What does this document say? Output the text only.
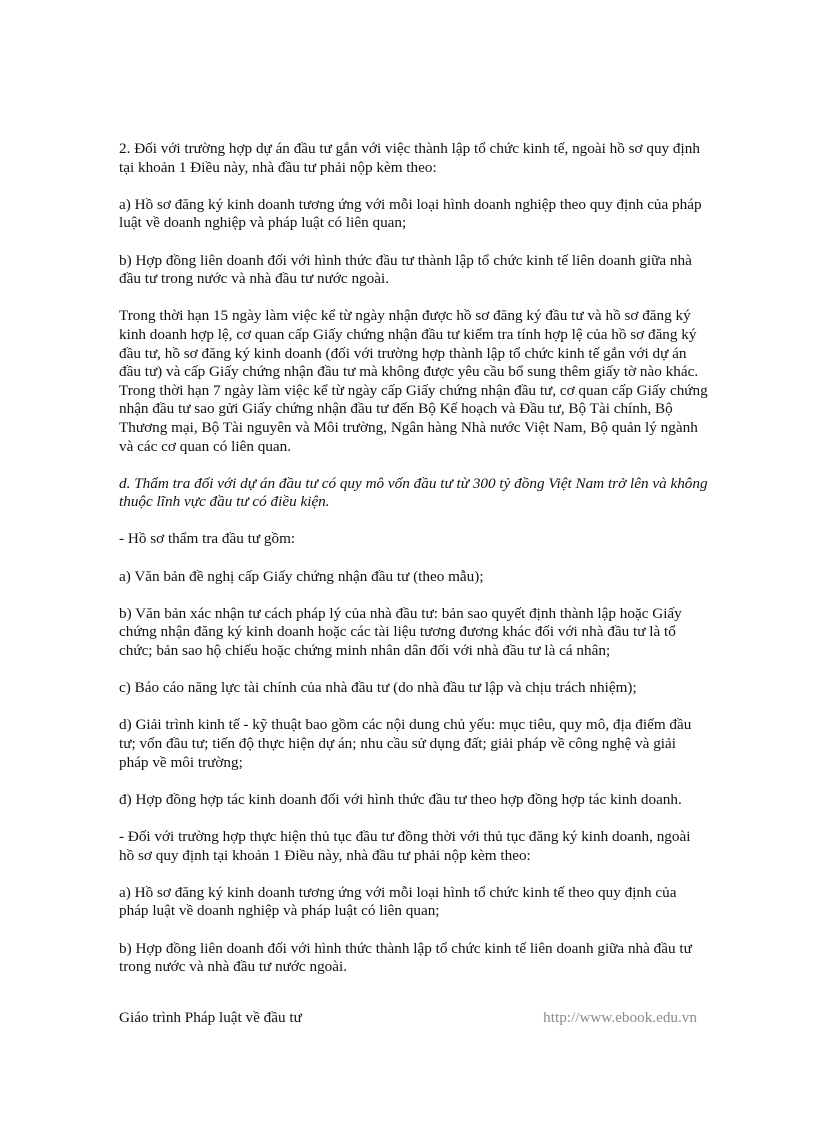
2. Đối với trường hợp dự án đầu tư gắn với việc thành lập tổ chức kinh tế, ngoài hồ sơ quy định tại khoản 1 Điều này, nhà đầu tư phải nộp kèm theo:

a) Hồ sơ đăng ký kinh doanh tương ứng với mỗi loại hình doanh nghiệp theo quy định của pháp luật về doanh nghiệp và pháp luật có liên quan;

b) Hợp đồng liên doanh đối với hình thức đầu tư thành lập tổ chức kinh tế liên doanh giữa nhà đầu tư trong nước và nhà đầu tư nước ngoài.

Trong thời hạn 15 ngày làm việc kể từ ngày nhận được hồ sơ đăng ký đầu tư và hồ sơ đăng ký kinh doanh hợp lệ, cơ quan cấp Giấy chứng nhận đầu tư kiểm tra tính hợp lệ của hồ sơ đăng ký đầu tư, hồ sơ đăng ký kinh doanh (đối với trường hợp thành lập tổ chức kinh tế gắn với dự án đầu tư) và cấp Giấy chứng nhận đầu tư mà không được yêu cầu bổ sung thêm giấy tờ nào khác. Trong thời hạn 7 ngày làm việc kể từ ngày cấp Giấy chứng nhận đầu tư, cơ quan cấp Giấy chứng nhận đầu tư sao gửi Giấy chứng nhận đầu tư đến Bộ Kế hoạch và Đầu tư, Bộ Tài chính, Bộ Thương mại, Bộ Tài nguyên và Môi trường, Ngân hàng Nhà nước Việt Nam, Bộ quản lý ngành và các cơ quan có liên quan.

d. Thẩm tra đối với dự án đầu tư có quy mô vốn đầu tư từ 300 tỷ đồng Việt Nam trở lên và không thuộc lĩnh vực đầu tư có điều kiện.

- Hồ sơ thẩm tra đầu tư gồm:

a) Văn bản đề nghị cấp Giấy chứng nhận đầu tư (theo mẫu);

b) Văn bản xác nhận tư cách pháp lý của nhà đầu tư: bản sao quyết định thành lập hoặc Giấy chứng nhận đăng ký kinh doanh hoặc các tài liệu tương đương khác đối với nhà đầu tư là tổ chức; bản sao hộ chiếu hoặc chứng minh nhân dân đối với nhà đầu tư là cá nhân;

c) Báo cáo năng lực tài chính của nhà đầu tư (do nhà đầu tư lập và chịu trách nhiệm);

d) Giải trình kinh tế - kỹ thuật bao gồm các nội dung chủ yếu: mục tiêu, quy mô, địa điểm đầu tư; vốn đầu tư; tiến độ thực hiện dự án; nhu cầu sử dụng đất; giải pháp về công nghệ và giải pháp về môi trường;

đ) Hợp đồng hợp tác kinh doanh đối với hình thức đầu tư theo hợp đồng hợp tác kinh doanh.

- Đối với trường hợp thực hiện thủ tục đầu tư đồng thời với thủ tục đăng ký kinh doanh, ngoài hồ sơ quy định tại khoản 1 Điều này, nhà đầu tư phải nộp kèm theo:

a) Hồ sơ đăng ký kinh doanh tương ứng với mỗi loại hình tổ chức kinh tế theo quy định của pháp luật về doanh nghiệp và pháp luật có liên quan;

b) Hợp đồng liên doanh đối với hình thức thành lập tổ chức kinh tế liên doanh giữa nhà đầu tư trong nước và nhà đầu tư nước ngoài.

Giáo trình Pháp luật về đầu tư	http://www.ebook.edu.vn
